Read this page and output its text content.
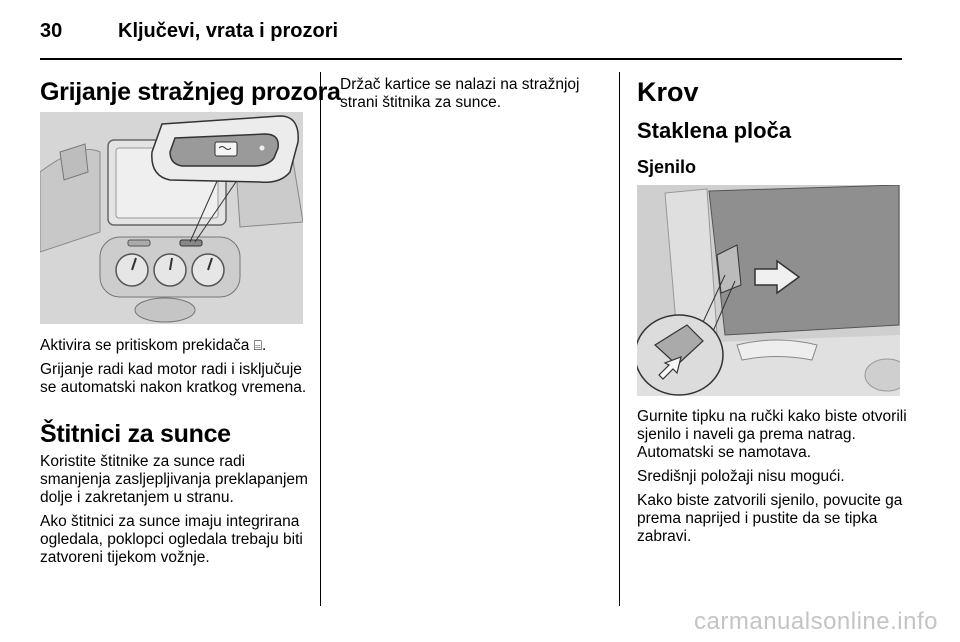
30	Ključevi, vrata i prozori
Grijanje stražnjeg prozora

Aktivira se pritiskom prekidača ⌸.

Grijanje radi kad motor radi i isključuje se automatski nakon kratkog vremena.

Štitnici za sunce

Koristite štitnike za sunce radi smanjenja zasljepljivanja preklapanjem dolje i zakretanjem u stranu.

Ako štitnici za sunce imaju integrirana ogledala, poklopci ogledala trebaju biti zatvoreni tijekom vožnje.

Držač kartice se nalazi na stražnjoj strani štitnika za sunce.	Krov
Staklena ploča
Sjenilo

Gurnite tipku na ručki kako biste otvorili sjenilo i naveli ga prema natrag. Automatski se namotava.

Središnji položaji nisu mogući.

Kako biste zatvorili sjenilo, povucite ga prema naprijed i pustite da se tipka zabravi.

carmanualsonline.info
